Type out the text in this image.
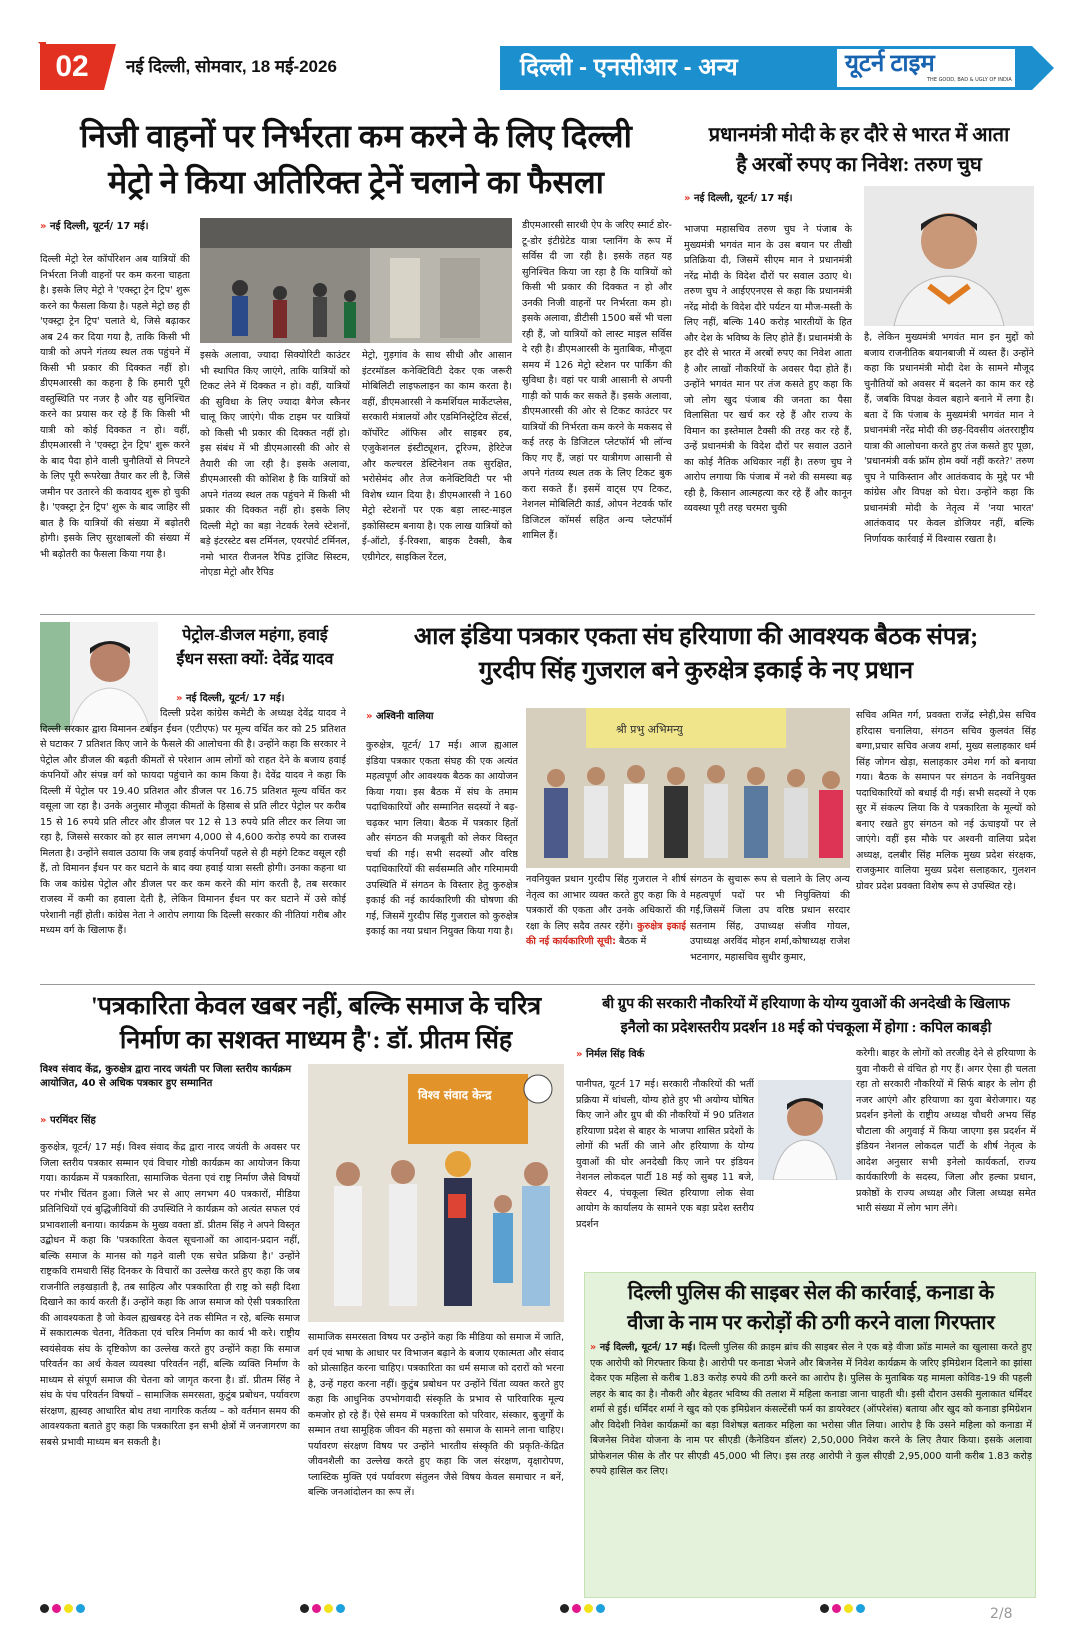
02	नई दिल्ली, सोमवार, 18 मई-2026	दिल्ली - एनसीआर - अन्य	यूटर्न टाइम
THE GOOD, BAD & UGLY OF INDIA
निजी वाहनों पर निर्भरता कम करने के लिए दिल्ली
मेट्रो ने किया अतिरिक्त ट्रेनें चलाने का फैसला
» नई दिल्ली, यूटर्न/ 17 मई।
दिल्ली मेट्रो रेल कॉर्पोरेशन अब यात्रियों की निर्भरता निजी वाहनों पर कम करना चाहता है। इसके लिए मेट्रो ने 'एक्स्ट्रा ट्रेन ट्रिप' शुरू करने का फैसला किया है। पहले मेट्रो छह ही 'एक्स्ट्रा ट्रेन ट्रिप' चलाते थे, जिसे बढ़ाकर अब 24 कर दिया गया है, ताकि किसी भी यात्री को अपने गंतव्य स्थल तक पहुंचने में किसी भी प्रकार की दिक्कत नहीं हो। डीएमआरसी का कहना है कि हमारी पूरी वस्तुस्थिति पर नजर है और यह सुनिश्चित करने का प्रयास कर रहे हैं कि किसी भी यात्री को कोई दिक्कत न हो। वहीं, डीएमआरसी ने 'एक्स्ट्रा ट्रेन ट्रिप' शुरू करने के बाद पैदा होने वाली चुनौतियों से निपटने के लिए पूरी रूपरेखा तैयार कर ली है, जिसे जमीन पर उतारने की कवायद शुरू हो चुकी है। 'एक्स्ट्रा ट्रेन ट्रिप' शुरू के बाद जाहिर सी बात है कि यात्रियों की संख्या में बढ़ोतरी होगी। इसके लिए सुरक्षाबलों की संख्या में भी बढ़ोतरी का फैसला किया गया है।
इसके अलावा, ज्यादा सिक्योरिटी काउंटर भी स्थापित किए जाएंगे, ताकि यात्रियों को टिकट लेने में दिक्कत न हो। वहीं, यात्रियों की सुविधा के लिए ज्यादा बैगेज स्कैनर चालू किए जाएंगे। पीक टाइम पर यात्रियों को किसी भी प्रकार की दिक्कत नहीं हो। इस संबंध में भी डीएमआरसी की ओर से तैयारी की जा रही है। इसके अलावा, डीएमआरसी की कोशिश है कि यात्रियों को अपने गंतव्य स्थल तक पहुंचने में किसी भी प्रकार की दिक्कत नहीं हो। इसके लिए दिल्ली मेट्रो का बड़ा नेटवर्क रेलवे स्टेशनों, बड़े इंटरस्टेट बस टर्मिनल, एयरपोर्ट टर्मिनल, नमो भारत रीजनल रैपिड ट्रांजिट सिस्टम, नोएडा मेट्रो और रैपिड
मेट्रो, गुड़गांव के साथ सीधी और आसान इंटरमॉडल कनेक्टिविटी देकर एक जरूरी मोबिलिटी लाइफलाइन का काम करता है। वहीं, डीएमआरसी ने कमर्शियल मार्केटप्लेस, सरकारी मंत्रालयों और एडमिनिस्ट्रेटिव सेंटर्स, कॉर्पोरेट ऑफिस और साइबर हब, एजुकेशनल इंस्टीट्यूशन, टूरिज्म, हेरिटेज और कल्चरल डेस्टिनेशन तक सुरक्षित, भरोसेमंद और तेज कनेक्टिविटी पर भी विशेष ध्यान दिया है। डीएमआरसी ने 160 मेट्रो स्टेशनों पर एक बड़ा लास्ट-माइल इकोसिस्टम बनाया है। एक लाख यात्रियों को ई-ऑटो, ई-रिक्शा, बाइक टैक्सी, कैब एग्रीगेटर, साइकिल रेंटल,
डीएमआरसी सारथी ऐप के जरिए स्मार्ट डोर-टू-डोर इंटीग्रेटेड यात्रा प्लानिंग के रूप में सर्विस दी जा रही है। इसके तहत यह सुनिश्चित किया जा रहा है कि यात्रियों को किसी भी प्रकार की दिक्कत न हो और उनकी निजी वाहनों पर निर्भरता कम हो। इसके अलावा, डीटीसी 1500 बसें भी चला रही हैं, जो यात्रियों को लास्ट माइल सर्विस दे रही है। डीएमआरसी के मुताबिक, मौजूदा समय में 126 मेट्रो स्टेशन पर पार्किंग की सुविधा है। वहां पर यात्री आसानी से अपनी गाड़ी को पार्क कर सकते हैं। इसके अलावा, डीएमआरसी की ओर से टिकट काउंटर पर यात्रियों की निर्भरता कम करने के मकसद से कई तरह के डिजिटल प्लेटफॉर्म भी लॉन्च किए गए हैं, जहां पर यात्रीगण आसानी से अपने गंतव्य स्थल तक के लिए टिकट बुक करा सकते हैं। इसमें वाट्स एप टिकट, नेशनल मोबिलिटी कार्ड, ओपन नेटवर्क फॉर डिजिटल कॉमर्स सहित अन्य प्लेटफॉर्म शामिल हैं।
प्रधानमंत्री मोदी के हर दौरे से भारत में आता
है अरबों रुपए का निवेश: तरुण चुघ
» नई दिल्ली, यूटर्न/ 17 मई।
भाजपा महासचिव तरुण चुघ ने पंजाब के मुख्यमंत्री भगवंत मान के उस बयान पर तीखी प्रतिक्रिया दी, जिसमें सीएम मान ने प्रधानमंत्री नरेंद्र मोदी के विदेश दौरों पर सवाल उठाए थे। तरुण चुघ ने आईएएनएस से कहा कि प्रधानमंत्री नरेंद्र मोदी के विदेश दौरे पर्यटन या मौज-मस्ती के लिए नहीं, बल्कि 140 करोड़ भारतीयों के हित और देश के भविष्य के लिए होते हैं। प्रधानमंत्री के हर दौरे से भारत में अरबों रुपए का निवेश आता है और लाखों नौकरियों के अवसर पैदा होते हैं। उन्होंने भगवंत मान पर तंज कसते हुए कहा कि जो लोग खुद पंजाब की जनता का पैसा विलासिता पर खर्च कर रहे हैं और राज्य के विमान का इस्तेमाल टैक्सी की तरह कर रहे हैं, उन्हें प्रधानमंत्री के विदेश दौरों पर सवाल उठाने का कोई नैतिक अधिकार नहीं है। तरुण चुघ ने आरोप लगाया कि पंजाब में नशे की समस्या बढ़ रही है, किसान आत्महत्या कर रहे हैं और कानून व्यवस्था पूरी तरह चरमरा चुकी
है, लेकिन मुख्यमंत्री भगवंत मान इन मुद्दों को बजाय राजनीतिक बयानबाजी में व्यस्त हैं। उन्होंने कहा कि प्रधानमंत्री मोदी देश के सामने मौजूद चुनौतियों को अवसर में बदलने का काम कर रहे हैं, जबकि विपक्ष केवल बहाने बनाने में लगा है। बता दें कि पंजाब के मुख्यमंत्री भगवंत मान ने प्रधानमंत्री नरेंद्र मोदी की छह-दिवसीय अंतरराष्ट्रीय यात्रा की आलोचना करते हुए तंज कसते हुए पूछा, 'प्रधानमंत्री वर्क फ्रॉम होम क्यों नहीं करते?' तरुण चुघ ने पाकिस्तान और आतंकवाद के मुद्दे पर भी कांग्रेस और विपक्ष को घेरा। उन्होंने कहा कि प्रधानमंत्री मोदी के नेतृत्व में 'नया भारत' आतंकवाद पर केवल डोजियर नहीं, बल्कि निर्णायक कार्रवाई में विश्वास रखता है।
पेट्रोल-डीजल महंगा, हवाई
ईंधन सस्ता क्यों: देवेंद्र यादव
» नई दिल्ली, यूटर्न/ 17 मई।
दिल्ली प्रदेश कांग्रेस कमेटी के अध्यक्ष देवेंद्र यादव ने दिल्ली सरकार द्वारा विमानन टर्बाइन ईंधन (एटीएफ) पर मूल्य वर्धित कर को 25 प्रतिशत से घटाकर 7 प्रतिशत किए जाने के फैसले की आलोचना की है। उन्होंने कहा कि सरकार ने पेट्रोल और डीजल की बढ़ती कीमतों से परेशान आम लोगों को राहत देने के बजाय हवाई कंपनियों और संपन्न वर्ग को फायदा पहुंचाने का काम किया है। देवेंद्र यादव ने कहा कि दिल्ली में पेट्रोल पर 19.40 प्रतिशत और डीजल पर 16.75 प्रतिशत मूल्य वर्धित कर वसूला जा रहा है। उनके अनुसार मौजूदा कीमतों के हिसाब से प्रति लीटर पेट्रोल पर करीब 15 से 16 रुपये प्रति लीटर और डीजल पर 12 से 13 रुपये प्रति लीटर कर लिया जा रहा है, जिससे सरकार को हर साल लगभग 4,000 से 4,600 करोड़ रुपये का राजस्व मिलता है। उन्होंने सवाल उठाया कि जब हवाई कंपनियाँ पहले से ही महंगे टिकट वसूल रही हैं, तो विमानन ईंधन पर कर घटाने के बाद क्या हवाई यात्रा सस्ती होगी। उनका कहना था कि जब कांग्रेस पेट्रोल और डीजल पर कर कम करने की मांग करती है, तब सरकार राजस्व में कमी का हवाला देती है, लेकिन विमानन ईंधन पर कर घटाने में उसे कोई परेशानी नहीं होती। कांग्रेस नेता ने आरोप लगाया कि दिल्ली सरकार की नीतियां गरीब और मध्यम वर्ग के खिलाफ हैं।
आल इंडिया पत्रकार एकता संघ हरियाणा की आवश्यक बैठक संपन्न;
गुरदीप सिंह गुजराल बने कुरुक्षेत्र इकाई के नए प्रधान
» अश्विनी वालिया
कुरुक्षेत्र, यूटर्न/ 17 मई। आज ह्यआल इंडिया पत्रकार एकता संघह की एक अत्यंत महत्वपूर्ण और आवश्यक बैठक का आयोजन किया गया। इस बैठक में संघ के तमाम पदाधिकारियों और सम्मानित सदस्यों ने बढ़-चढ़कर भाग लिया। बैठक में पत्रकार हितों और संगठन की मजबूती को लेकर विस्तृत चर्चा की गई। सभी सदस्यों और वरिष्ठ पदाधिकारियों की सर्वसम्मति और गरिमामयी उपस्थिति में संगठन के विस्तार हेतु कुरुक्षेत्र इकाई की नई कार्यकारिणी की घोषणा की गई, जिसमें गुरदीप सिंह गुजराल को कुरुक्षेत्र इकाई का नया प्रधान नियुक्त किया गया है।
श्री प्रभु अभिमन्यु
नवनियुक्त प्रधान गुरदीप सिंह गुजराल ने शीर्ष नेतृत्व का आभार व्यक्त करते हुए कहा कि वे पत्रकारों की एकता और उनके अधिकारों की रक्षा के लिए सदैव तत्पर रहेंगे। कुरुक्षेत्र इकाई की नई कार्यकारिणी सूची: बैठक में
संगठन के सुचारू रूप से चलाने के लिए अन्य महत्वपूर्ण पदों पर भी नियुक्तियां की गईं,जिसमें जिला उप वरिष्ठ प्रधान सरदार सतनाम सिंह, उपाध्यक्ष संजीव गोयल, उपाध्यक्ष अरविंद मोहन शर्मा,कोषाध्यक्ष राजेश भटनागर, महासचिव सुधीर कुमार,
सचिव अमित गर्ग, प्रवक्ता राजेंद्र स्नेही,प्रेस सचिव हरिदास चनालिया, संगठन सचिव कुलवंत सिंह बग्गा,प्रचार सचिव अजय शर्मा, मुख्य सलाहकार धर्म सिंह जोगन खेड़ा, सलाहकार उमेश गर्ग को बनाया गया। बैठक के समापन पर संगठन के नवनियुक्त पदाधिकारियों को बधाई दी गई। सभी सदस्यों ने एक सुर में संकल्प लिया कि वे पत्रकारिता के मूल्यों को बनाए रखते हुए संगठन को नई ऊंचाइयों पर ले जाएंगे। वहीं इस मौके पर अश्वनी वालिया प्रदेश अध्यक्ष, दलबीर सिंह मलिक मुख्य प्रदेश संरक्षक, राजकुमार वालिया मुख्य प्रदेश सलाहकार, गुलशन ग्रोवर प्रदेश प्रवक्ता विशेष रूप से उपस्थित रहे।
'पत्रकारिता केवल खबर नहीं, बल्कि समाज के चरित्र
निर्माण का सशक्त माध्यम है': डॉ. प्रीतम सिंह
विश्व संवाद केंद्र, कुरुक्षेत्र द्वारा नारद जयंती पर जिला स्तरीय कार्यक्रम आयोजित, 40 से अधिक पत्रकार हुए सम्मानित
» परमिंदर सिंह
कुरुक्षेत्र, यूटर्न/ 17 मई। विश्व संवाद केंद्र द्वारा नारद जयंती के अवसर पर जिला स्तरीय पत्रकार सम्मान एवं विचार गोष्ठी कार्यक्रम का आयोजन किया गया। कार्यक्रम में पत्रकारिता, सामाजिक चेतना एवं राष्ट्र निर्माण जैसे विषयों पर गंभीर चिंतन हुआ। जिले भर से आए लगभग 40 पत्रकारों, मीडिया प्रतिनिधियों एवं बुद्धिजीवियों की उपस्थिति ने कार्यक्रम को अत्यंत सफल एवं प्रभावशाली बनाया। कार्यक्रम के मुख्य वक्ता डॉ. प्रीतम सिंह ने अपने विस्तृत उद्बोधन में कहा कि 'पत्रकारिता केवल सूचनाओं का आदान-प्रदान नहीं, बल्कि समाज के मानस को गढ़ने वाली एक सचेत प्रक्रिया है।' उन्होंने राष्ट्रकवि रामधारी सिंह दिनकर के विचारों का उल्लेख करते हुए कहा कि जब राजनीति लड़खड़ाती है, तब साहित्य और पत्रकारिता ही राष्ट्र को सही दिशा दिखाने का कार्य करती हैं। उन्होंने कहा कि आज समाज को ऐसी पत्रकारिता की आवश्यकता है जो केवल ह्यखबरह देने तक सीमित न रहे, बल्कि समाज में सकारात्मक चेतना, नैतिकता एवं चरित्र निर्माण का कार्य भी करे। राष्ट्रीय स्वयंसेवक संघ के दृष्टिकोण का उल्लेख करते हुए उन्होंने कहा कि समाज परिवर्तन का अर्थ केवल व्यवस्था परिवर्तन नहीं, बल्कि व्यक्ति निर्माण के माध्यम से संपूर्ण समाज की चेतना को जागृत करना है। डॉ. प्रीतम सिंह ने संघ के पंच परिवर्तन विषयों – सामाजिक समरसता, कुटुंब प्रबोधन, पर्यावरण संरक्षण, ह्यस्वह आधारित बोध तथा नागरिक कर्तव्य – को वर्तमान समय की आवश्यकता बताते हुए कहा कि पत्रकारिता इन सभी क्षेत्रों में जनजागरण का सबसे प्रभावी माध्यम बन सकती है।
विश्व संवाद केन्द्र
सामाजिक समरसता विषय पर उन्होंने कहा कि मीडिया को समाज में जाति, वर्ग एवं भाषा के आधार पर विभाजन बढ़ाने के बजाय एकात्मता और संवाद को प्रोत्साहित करना चाहिए। पत्रकारिता का धर्म समाज को दरारों को भरना है, उन्हें गहरा करना नहीं। कुटुंब प्रबोधन पर उन्होंने चिंता व्यक्त करते हुए कहा कि आधुनिक उपभोगवादी संस्कृति के प्रभाव से पारिवारिक मूल्य कमजोर हो रहे हैं। ऐसे समय में पत्रकारिता को परिवार, संस्कार, बुजुर्गों के सम्मान तथा सामूहिक जीवन की महत्ता को समाज के सामने लाना चाहिए। पर्यावरण संरक्षण विषय पर उन्होंने भारतीय संस्कृति की प्रकृति-केंद्रित जीवनशैली का उल्लेख करते हुए कहा कि जल संरक्षण, वृक्षारोपण, प्लास्टिक मुक्ति एवं पर्यावरण संतुलन जैसे विषय केवल समाचार न बनें, बल्कि जनआंदोलन का रूप लें।
बी ग्रुप की सरकारी नौकरियों में हरियाणा के योग्य युवाओं की अनदेखी के खिलाफ
इनैलो का प्रदेशस्तरीय प्रदर्शन 18 मई को पंचकूला में होगा : कपिल काबड़ी
» निर्मल सिंह विर्क
पानीपत, यूटर्न 17 मई। सरकारी नौकरियों की भर्ती प्रक्रिया में धांधली, योग्य होते हुए भी अयोग्य घोषित किए जाने और ग्रुप बी की नौकरियों में 90 प्रतिशत हरियाणा प्रदेश से बाहर के भाजपा शासित प्रदेशों के लोगों की भर्ती की जाने और हरियाणा के योग्य युवाओं की घोर अनदेखी किए जाने पर इंडियन नेशनल लोकदल पार्टी 18 मई को सुबह 11 बजे, सेक्टर 4, पंचकूला स्थित हरियाणा लोक सेवा आयोग के कार्यालय के सामने एक बड़ा प्रदेश स्तरीय प्रदर्शन
करेगी। बाहर के लोगों को तरजीह देने से हरियाणा के युवा नौकरी से वंचित हो गए हैं। अगर ऐसा ही चलता रहा तो सरकारी नौकरियों में सिर्फ बाहर के लोग ही नजर आएंगे और हरियाणा का युवा बेरोजगार। यह प्रदर्शन इनेलो के राष्ट्रीय अध्यक्ष चौधरी अभय सिंह चौटाला की अगुवाई में किया जाएगा इस प्रदर्शन में इंडियन नेशनल लोकदल पार्टी के शीर्ष नेतृत्व के आदेश अनुसार सभी इनेलो कार्यकर्ता, राज्य कार्यकारिणी के सदस्य, जिला और हल्का प्रधान, प्रकोष्ठों के राज्य अध्यक्ष और जिला अध्यक्ष समेत भारी संख्या में लोग भाग लेंगे।
दिल्ली पुलिस की साइबर सेल की कार्रवाई, कनाडा के
वीजा के नाम पर करोड़ों की ठगी करने वाला गिरफ्तार
» नई दिल्ली, यूटर्न/ 17 मई। दिल्ली पुलिस की क्राइम ब्रांच की साइबर सेल ने एक बड़े वीजा फ्रॉड मामले का खुलासा करते हुए एक आरोपी को गिरफ्तार किया है। आरोपी पर कनाडा भेजने और बिजनेस में निवेश कार्यक्रम के जरिए इमिग्रेशन दिलाने का झांसा देकर एक महिला से करीब 1.83 करोड़ रुपये की ठगी करने का आरोप है। पुलिस के मुताबिक यह मामला कोविड-19 की पहली लहर के बाद का है। नौकरी और बेहतर भविष्य की तलाश में महिला कनाडा जाना चाहती थी। इसी दौरान उसकी मुलाकात धर्मिंदर शर्मा से हुई। धर्मिंदर शर्मा ने खुद को एक इमिग्रेशन कंसल्टेंसी फर्म का डायरेक्टर (ऑपरेशंस) बताया और खुद को कनाडा इमिग्रेशन और विदेशी निवेश कार्यक्रमों का बड़ा विशेषज्ञ बताकर महिला का भरोसा जीत लिया। आरोप है कि उसने महिला को कनाडा में बिजनेस निवेश योजना के नाम पर सीएडी (कैनेडियन डॉलर) 2,50,000 निवेश करने के लिए तैयार किया। इसके अलावा प्रोफेशनल फीस के तौर पर सीएडी 45,000 भी लिए। इस तरह आरोपी ने कुल सीएडी 2,95,000 यानी करीब 1.83 करोड़ रुपये हासिल कर लिए।
2/8
